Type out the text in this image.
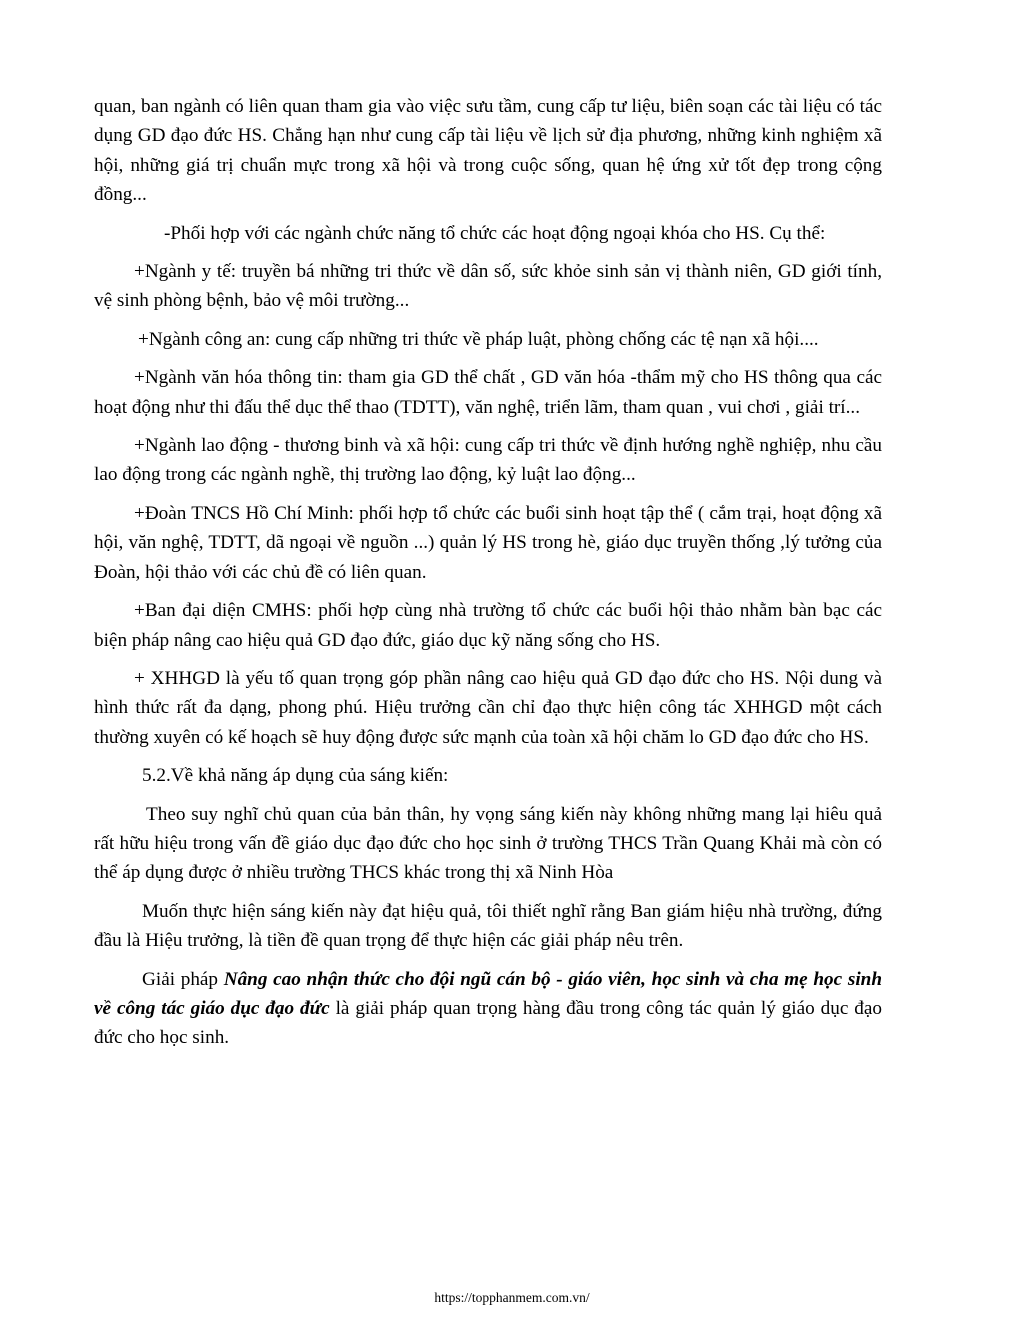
quan, ban ngành có liên quan tham gia vào việc sưu tầm, cung cấp tư liệu, biên soạn các tài liệu có tác dụng GD đạo đức HS. Chẳng hạn như cung cấp tài liệu về lịch sử địa phương, những kinh nghiệm xã hội, những giá trị chuẩn mực trong xã hội và trong cuộc sống, quan hệ ứng xử tốt đẹp trong cộng đồng...

-Phối hợp với các ngành chức năng tổ chức các hoạt động ngoại khóa cho HS. Cụ thể:

+Ngành y tế: truyền bá những tri thức về dân số, sức khỏe sinh sản vị thành niên, GD giới tính, vệ sinh phòng bệnh, bảo vệ môi trường...

+Ngành công an: cung cấp những tri thức về pháp luật, phòng chống các tệ nạn xã hội....

+Ngành văn hóa thông tin: tham gia GD thể chất , GD văn hóa -thẩm mỹ cho HS thông qua các hoạt động như thi đấu thể dục thể thao (TDTT), văn nghệ, triển lãm, tham quan , vui chơi , giải trí...

+Ngành lao động - thương binh và xã hội: cung cấp tri thức về định hướng nghề nghiệp, nhu cầu lao động trong các ngành nghề, thị trường lao động, kỷ luật lao động...

+Đoàn TNCS Hồ Chí Minh: phối hợp tổ chức các buổi sinh hoạt tập thể ( cắm trại, hoạt động xã hội, văn nghệ, TDTT, dã ngoại về nguồn ...) quản lý HS trong hè, giáo dục truyền thống ,lý tưởng của Đoàn, hội thảo với các chủ đề có liên quan.

+Ban đại diện CMHS: phối hợp cùng nhà trường tổ chức các buổi hội thảo nhằm bàn bạc các biện pháp nâng cao hiệu quả GD đạo đức, giáo dục kỹ năng sống cho HS.

+ XHHGD là yếu tố quan trọng góp phần nâng cao hiệu quả GD đạo đức cho HS. Nội dung và hình thức rất đa dạng, phong phú. Hiệu trưởng cần chỉ đạo thực hiện công tác XHHGD một cách thường xuyên có kế hoạch sẽ huy động được sức mạnh của toàn xã hội chăm lo GD đạo đức cho HS.

5.2.Về khả năng áp dụng của sáng kiến:

Theo suy nghĩ chủ quan của bản thân, hy vọng sáng kiến này không những mang lại hiêu quả rất hữu hiệu trong vấn đề giáo dục đạo đức cho học sinh ở trường THCS Trần Quang Khải mà còn có thể áp dụng được ở nhiều trường THCS khác trong thị xã Ninh Hòa

Muốn thực hiện sáng kiến này đạt hiệu quả, tôi thiết nghĩ rằng Ban giám hiệu nhà trường, đứng đầu là Hiệu trưởng, là tiền đề quan trọng để thực hiện các giải pháp nêu trên.

Giải pháp Nâng cao nhận thức cho đội ngũ cán bộ - giáo viên, học sinh và cha mẹ học sinh về công tác giáo dục đạo đức là giải pháp quan trọng hàng đầu trong công tác quản lý giáo dục đạo đức cho học sinh.

https://topphanmem.com.vn/
